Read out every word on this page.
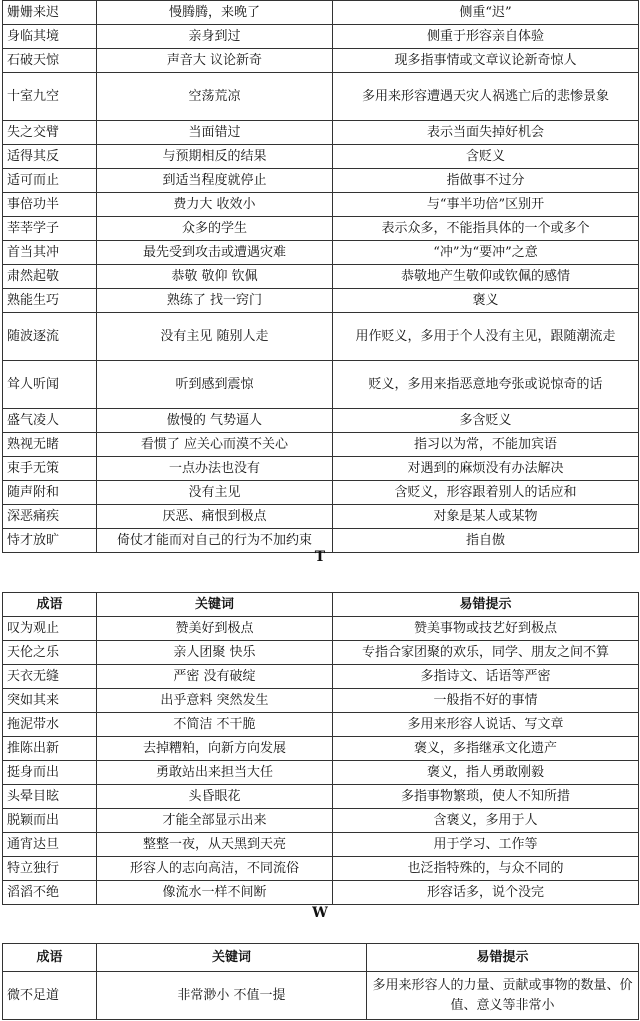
姗姗来迟	慢腾腾，来晚了	侧重“迟”
身临其境	亲身到过	侧重于形容亲自体验
石破天惊	声音大 议论新奇	现多指事情或文章议论新奇惊人
十室九空	空荡荒凉	多用来形容遭遇天灾人祸逃亡后的悲惨景象
失之交臂	当面错过	表示当面失掉好机会
适得其反	与预期相反的结果	含贬义
适可而止	到适当程度就停止	指做事不过分
事倍功半	费力大 收效小	与“事半功倍”区别开
莘莘学子	众多的学生	表示众多，不能指具体的一个或多个
首当其冲	最先受到攻击或遭遇灾难	“冲”为“要冲”之意
肃然起敬	恭敬 敬仰 钦佩	恭敬地产生敬仰或钦佩的感情
熟能生巧	熟练了 找一窍门	褒义
随波逐流	没有主见 随别人走	用作贬义，多用于个人没有主见，跟随潮流走
耸人听闻	听到感到震惊	贬义，多用来指恶意地夸张或说惊奇的话
盛气凌人	傲慢的 气势逼人	多含贬义
熟视无睹	看惯了 应关心而漠不关心	指习以为常，不能加宾语
束手无策	一点办法也没有	对遇到的麻烦没有办法解决
随声附和	没有主见	含贬义，形容跟着别人的话应和
深恶痛疾	厌恶、痛恨到极点	对象是某人或某物
恃才放旷	倚仗才能而对自己的行为不加约束	指自傲
T
成语	关键词	易错提示
叹为观止	赞美好到极点	赞美事物或技艺好到极点
天伦之乐	亲人团聚 快乐	专指合家团聚的欢乐，同学、朋友之间不算
天衣无缝	严密 没有破绽	多指诗文、话语等严密
突如其来	出乎意料 突然发生	一般指不好的事情
拖泥带水	不简洁 不干脆	多用来形容人说话、写文章
推陈出新	去掉糟粕，向新方向发展	褒义，多指继承文化遗产
挺身而出	勇敢站出来担当大任	褒义，指人勇敢刚毅
头晕目眩	头昏眼花	多指事物繁琐，使人不知所措
脱颖而出	才能全部显示出来	含褒义，多用于人
通宵达旦	整整一夜，从天黑到天亮	用于学习、工作等
特立独行	形容人的志向高洁，不同流俗	也泛指特殊的，与众不同的
滔滔不绝	像流水一样不间断	形容话多，说个没完
W
成语	关键词	易错提示
微不足道	非常渺小 不值一提	多用来形容人的力量、贡献或事物的数量、价值、意义等非常小
